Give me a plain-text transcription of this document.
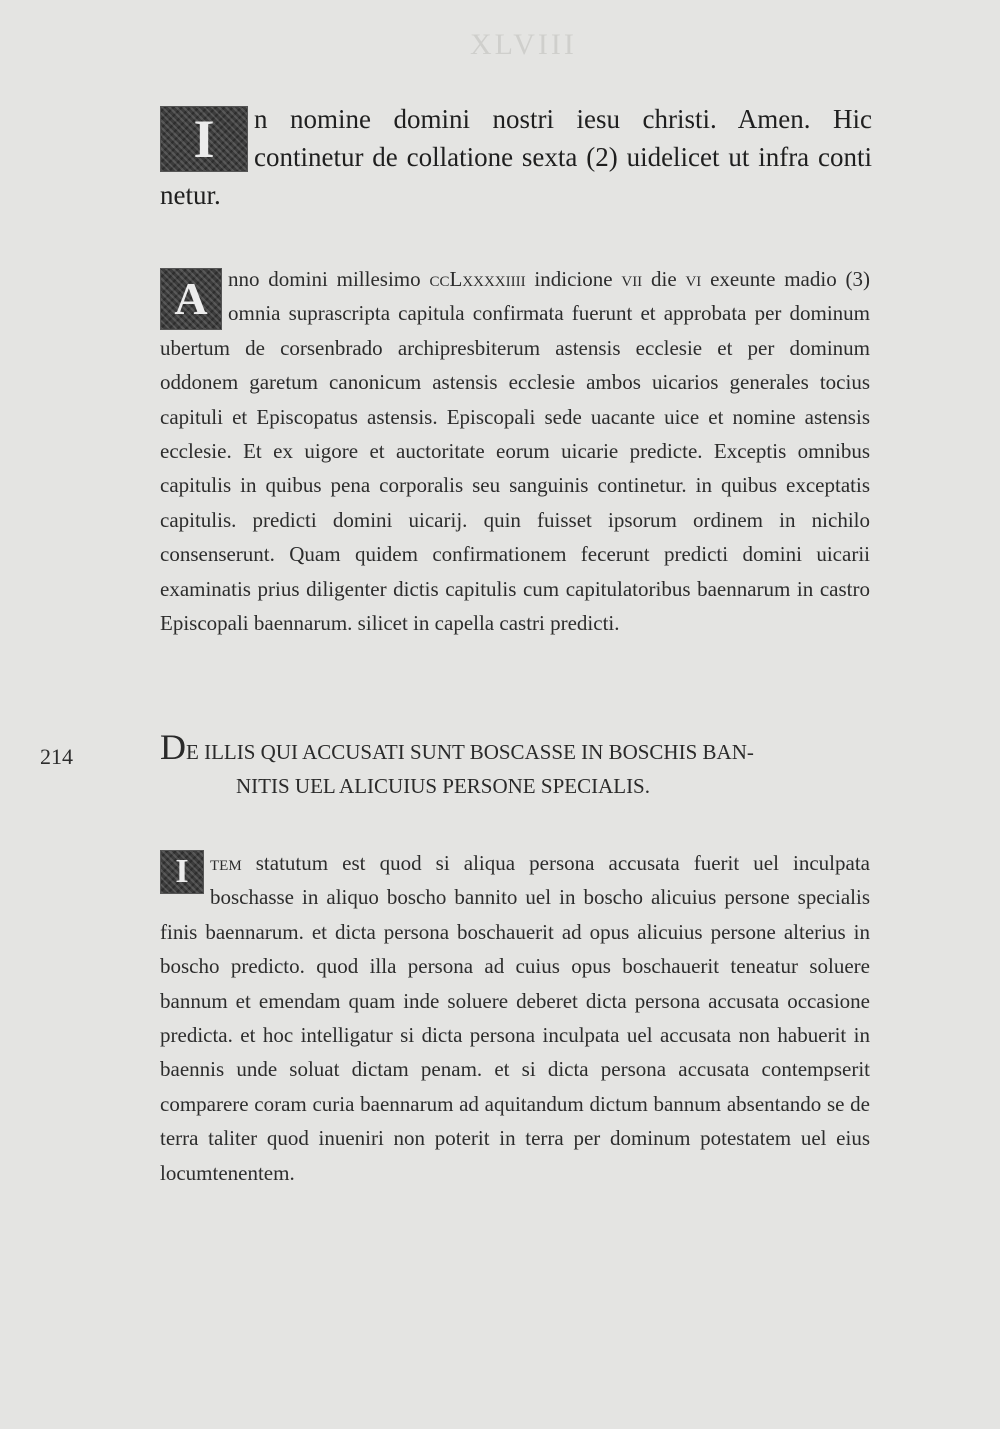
XLVIII
I	n nomine domini nostri iesu christi. Amen. Hic continetur de collatione sexta (2) uidelicet ut infra conti netur.
A nno domini millesimo ccLxxxxiiii indicione vii die vi exeunte madio (3) omnia suprascripta capitula confirmata fuerunt et approbata per dominum ubertum de corsenbrado archipresbiterum astensis ecclesie et per dominum oddonem garetum canonicum astensis ecclesie ambos uicarios generales tocius capituli et Episcopatus astensis. Episcopali sede uacante uice et nomine astensis ecclesie. Et ex uigore et auctoritate eorum uicarie predicte. Exceptis omnibus capitulis in quibus pena corporalis seu sanguinis continetur. in quibus exceptatis capitulis. predicti domini uicarij. quin fuisset ipsorum ordinem in nichilo consenserunt. Quam quidem confirmationem fecerunt predicti domini uicarii examinatis prius diligenter dictis capitulis cum capitulatoribus baennarum in castro Episcopali baennarum. silicet in capella castri predicti.
214 DE ILLIS QUI ACCUSATI SUNT BOSCASSE IN BOSCHIS BAN-
NITIS UEL ALICUIUS PERSONE SPECIALIS.
I	tem statutum est quod si aliqua persona accusata fuerit uel inculpata boschasse in aliquo boscho bannito uel in boscho alicuius persone specialis finis baennarum. et dicta persona boschauerit ad opus alicuius persone alterius in boscho predicto. quod illa persona ad cuius opus boschauerit teneatur soluere bannum et emendam quam inde soluere deberet dicta persona accusata occasione predicta. et hoc intelligatur si dicta persona inculpata uel accusata non habuerit in baennis unde soluat dictam penam. et si dicta persona accusata contempserit comparere coram curia baennarum ad aquitandum dictum bannum absentando se de terra taliter quod inueniri non poterit in terra per dominum potestatem uel eius locumtenentem.
